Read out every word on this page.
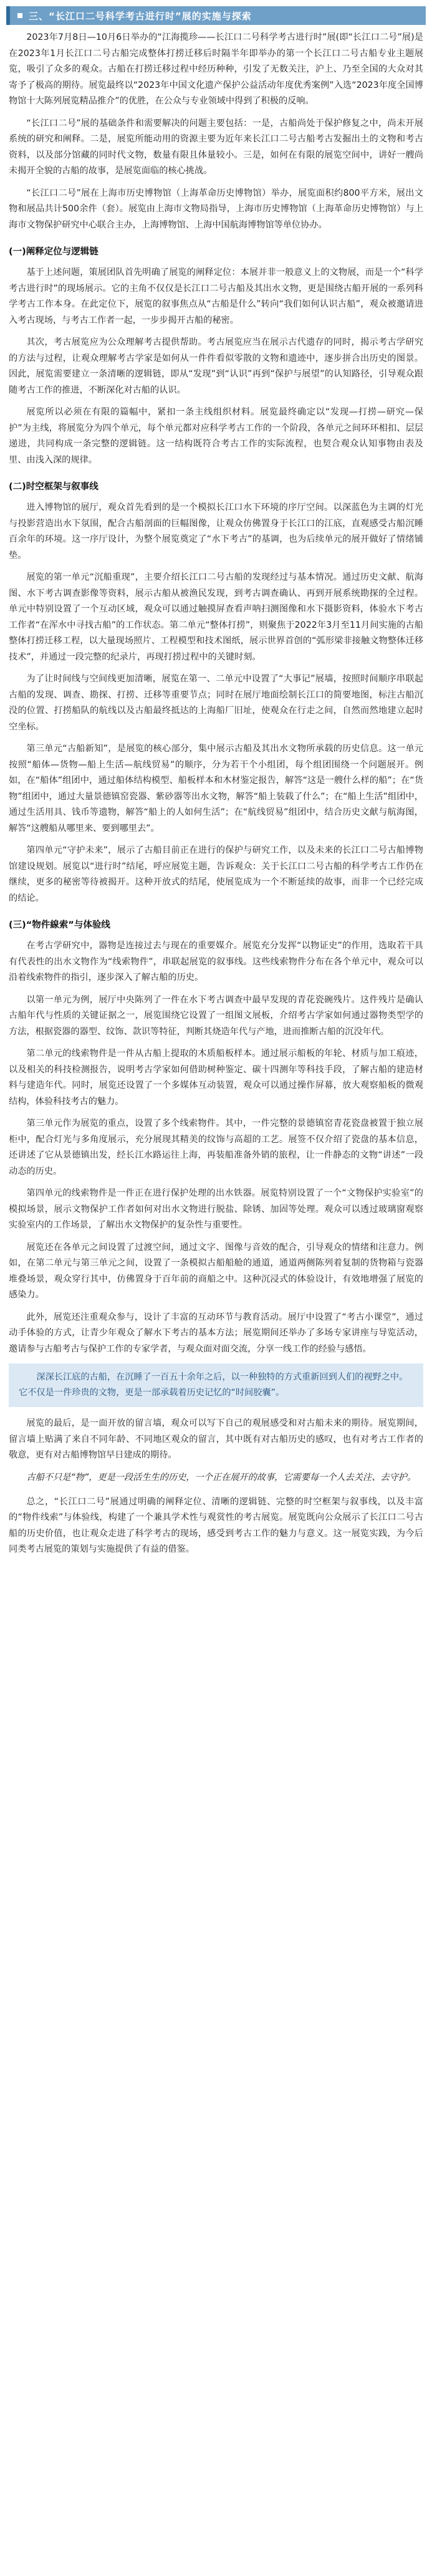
三、“长江口二号科学考古进行时”展的实施与探索

2023年7月8日—10月6日举办的“江海揽珍——长江口二号科学考古进行时”展(即“长江口二号”展)是在2023年1月长江口二号古船完成整体打捞迁移后时隔半年即举办的第一个长江口二号古船专业主题展览，吸引了众多的观众。古船在打捞迁移过程中经历种种，引发了无数关注，沪上、乃至全国的大众对其寄予了极高的期待。展览最终以“2023年中国文化遗产保护公益活动年度优秀案例”入选“2023年度全国博物馆十大陈列展览精品推介”的优胜，在公众与专业领域中得到了积极的反响。

“长江口二号”展的基础条件和需要解决的问题主要包括：一是，古船尚处于保护修复之中，尚未开展系统的研究和阐释。二是，展览所能动用的资源主要为近年来长江口二号古船考古发掘出土的文物和考古资料，以及部分馆藏的同时代文物，数量有限且体量较小。三是，如何在有限的展览空间中，讲好一艘尚未揭开全貌的古船的故事，是展览面临的核心挑战。

“长江口二号”展在上海市历史博物馆（上海革命历史博物馆）举办，展览面积约800平方米，展出文物和展品共计500余件（套）。展览由上海市文物局指导，上海市历史博物馆（上海革命历史博物馆）与上海市文物保护研究中心联合主办，上海博物馆、上海中国航海博物馆等单位协办。

(一)阐释定位与逻辑链

基于上述问题，策展团队首先明确了展览的阐释定位：本展并非一般意义上的文物展，而是一个“科学考古进行时”的现场展示。它的主角不仅仅是长江口二号古船及其出水文物，更是围绕古船开展的一系列科学考古工作本身。在此定位下，展览的叙事焦点从“古船是什么”转向“我们如何认识古船”，观众被邀请进入考古现场，与考古工作者一起，一步步揭开古船的秘密。

其次，考古展览应为公众理解考古提供帮助。考古展览应当在展示古代遗存的同时，揭示考古学研究的方法与过程，让观众理解考古学家是如何从一件件看似零散的文物和遗迹中，逐步拼合出历史的图景。因此，展览需要建立一条清晰的逻辑链，即从“发现”到“认识”再到“保护与展望”的认知路径，引导观众跟随考古工作的推进，不断深化对古船的认识。

展览所以必须在有限的篇幅中，紧扣一条主线组织材料。展览最终确定以“发现—打捞—研究—保护”为主线，将展览分为四个单元，每个单元都对应科学考古工作的一个阶段，各单元之间环环相扣、层层递进，共同构成一条完整的逻辑链。这一结构既符合考古工作的实际流程，也契合观众认知事物由表及里、由浅入深的规律。

(二)时空框架与叙事线

进入博物馆的展厅，观众首先看到的是一个模拟长江口水下环境的序厅空间。以深蓝色为主调的灯光与投影营造出水下氛围，配合古船剖面的巨幅图像，让观众仿佛置身于长江口的江底，直观感受古船沉睡百余年的环境。这一序厅设计，为整个展览奠定了“水下考古”的基调，也为后续单元的展开做好了情绪铺垫。

展览的第一单元“沉船重现”，主要介绍长江口二号古船的发现经过与基本情况。通过历史文献、航海图、水下考古调查影像等资料，展示古船从被渔民发现，到考古调查确认、再到开展系统勘探的全过程。单元中特别设置了一个互动区域，观众可以通过触摸屏查看声呐扫测图像和水下摄影资料，体验水下考古工作者“在浑水中寻找古船”的工作状态。第二单元“整体打捞”，则聚焦于2022年3月至11月间实施的古船整体打捞迁移工程，以大量现场照片、工程模型和技术图纸，展示世界首创的“弧形梁非接触文物整体迁移技术”，并通过一段完整的纪录片，再现打捞过程中的关键时刻。

为了让时间线与空间线更加清晰，展览在第一、二单元中设置了“大事记”展墙，按照时间顺序串联起古船的发现、调查、勘探、打捞、迁移等重要节点；同时在展厅地面绘制长江口的简要地图，标注古船沉没的位置、打捞船队的航线以及古船最终抵达的上海船厂旧址，使观众在行走之间，自然而然地建立起时空坐标。

第三单元“古船新知”，是展览的核心部分，集中展示古船及其出水文物所承载的历史信息。这一单元按照“船体—货物—船上生活—航线贸易”的顺序，分为若干个小组团，每个组团围绕一个问题展开。例如，在“船体”组团中，通过船体结构模型、船板样本和木材鉴定报告，解答“这是一艘什么样的船”；在“货物”组团中，通过大量景德镇窑瓷器、紫砂器等出水文物，解答“船上装载了什么”；在“船上生活”组团中，通过生活用具、钱币等遗物，解答“船上的人如何生活”；在“航线贸易”组团中，结合历史文献与航海图，解答“这艘船从哪里来、要到哪里去”。

第四单元“守护未来”，展示了古船目前正在进行的保护与研究工作，以及未来的长江口二号古船博物馆建设规划。展览以“进行时”结尾，呼应展览主题，告诉观众：关于长江口二号古船的科学考古工作仍在继续，更多的秘密等待被揭开。这种开放式的结尾，使展览成为一个不断延续的故事，而非一个已经完成的结论。

(三)“物件線索”与体验线

在考古学研究中，器物是连接过去与现在的重要媒介。展览充分发挥“以物证史”的作用，选取若干具有代表性的出水文物作为“线索物件”，串联起展览的叙事线。这些线索物件分布在各个单元中，观众可以沿着线索物件的指引，逐步深入了解古船的历史。

以第一单元为例，展厅中央陈列了一件在水下考古调查中最早发现的青花瓷碗残片。这件残片是确认古船年代与性质的关键证据之一，展览围绕它设置了一组图文展板，介绍考古学家如何通过器物类型学的方法，根据瓷器的器型、纹饰、款识等特征，判断其烧造年代与产地，进而推断古船的沉没年代。

第二单元的线索物件是一件从古船上提取的木质船板样本。通过展示船板的年轮、材质与加工痕迹，以及相关的科技检测报告，说明考古学家如何借助树种鉴定、碳十四测年等科技手段，了解古船的建造材料与建造年代。同时，展览还设置了一个多媒体互动装置，观众可以通过操作屏幕，放大观察船板的微观结构，体验科技考古的魅力。

第三单元作为展览的重点，设置了多个线索物件。其中，一件完整的景德镇窑青花瓷盘被置于独立展柜中，配合灯光与多角度展示，充分展现其精美的纹饰与高超的工艺。展签不仅介绍了瓷盘的基本信息，还讲述了它从景德镇出发，经长江水路运往上海，再装船准备外销的旅程，让一件静态的文物“讲述”一段动态的历史。

第四单元的线索物件是一件正在进行保护处理的出水铁器。展览特别设置了一个“文物保护实验室”的模拟场景，展示文物保护工作者如何对出水文物进行脱盐、除锈、加固等处理。观众可以透过玻璃窗观察实验室内的工作场景，了解出水文物保护的复杂性与重要性。

展览还在各单元之间设置了过渡空间，通过文字、图像与音效的配合，引导观众的情绪和注意力。例如，在第二单元与第三单元之间，设置了一条模拟古船船舱的通道，通道两侧陈列着复制的货物箱与瓷器堆叠场景，观众穿行其中，仿佛置身于百年前的商船之中。这种沉浸式的体验设计，有效地增强了展览的感染力。

此外，展览还注重观众参与，设计了丰富的互动环节与教育活动。展厅中设置了“考古小课堂”，通过动手体验的方式，让青少年观众了解水下考古的基本方法；展览期间还举办了多场专家讲座与导览活动，邀请参与古船考古与保护工作的专家学者，与观众面对面交流，分享一线工作的经验与感悟。

深深长江底的古船，在沉睡了一百五十余年之后，以一种独特的方式重新回到人们的视野之中。它不仅是一件珍贵的文物，更是一部承载着历史记忆的“时间胶囊”。

展览的最后，是一面开放的留言墙，观众可以写下自己的观展感受和对古船未来的期待。展览期间，留言墙上贴满了来自不同年龄、不同地区观众的留言，其中既有对古船历史的感叹，也有对考古工作者的敬意，更有对古船博物馆早日建成的期待。

古船不只是“物”，更是一段活生生的历史，一个正在展开的故事，它需要每一个人去关注、去守护。

总之，“长江口二号”展通过明确的阐释定位、清晰的逻辑链、完整的时空框架与叙事线，以及丰富的“物件线索”与体验线，构建了一个兼具学术性与观赏性的考古展览。展览既向公众展示了长江口二号古船的历史价值，也让观众走进了科学考古的现场，感受到考古工作的魅力与意义。这一展览实践，为今后同类考古展览的策划与实施提供了有益的借鉴。
